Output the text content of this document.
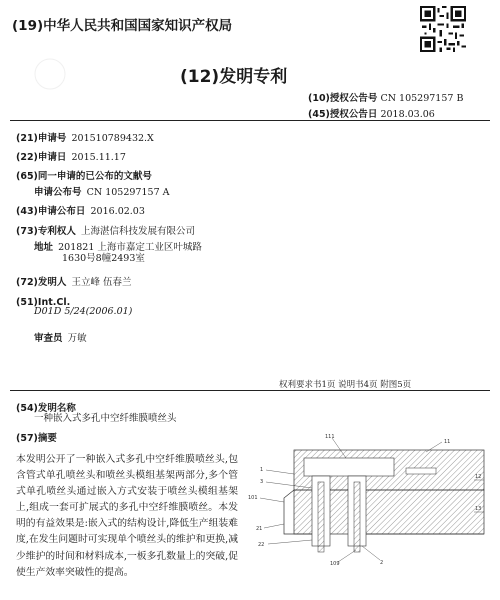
(19)中华人民共和国国家知识产权局
(12)发明专利
(10)授权公告号 CN 105297157 B
(45)授权公告日 2018.03.06
(21)申请号 201510789432.X
(22)申请日 2015.11.17
(65)同一申请的已公布的文献号
申请公布号 CN 105297157 A
(43)申请公布日 2016.02.03
(73)专利权人 上海湛信科技发展有限公司
地址 201821 上海市嘉定工业区叶城路
1630号8幢2493室
(72)发明人 王立峰 伍春兰
(51)Int.Cl.
D01D 5/24(2006.01)
审查员 万敏
权利要求书1页 说明书4页 附图5页
(54)发明名称
一种嵌入式多孔中空纤维膜喷丝头
(57)摘要
本发明公开了一种嵌入式多孔中空纤维膜喷丝头,包含管式单孔喷丝头和喷丝头模组基架两部分,多个管式单孔喷丝头通过嵌入方式安装于喷丝头模组基架上,组成一套可扩展式的多孔中空纤维膜喷丝。本发明的有益效果是:嵌入式的结构设计,降低生产组装难度,在发生问题时可实现单个喷丝头的维护和更换,减少维护的时间和材料成本,一板多孔数量上的突破,促使生产效率突破性的提高。
111
11
1
3
12
101
13
21
22
109	2
